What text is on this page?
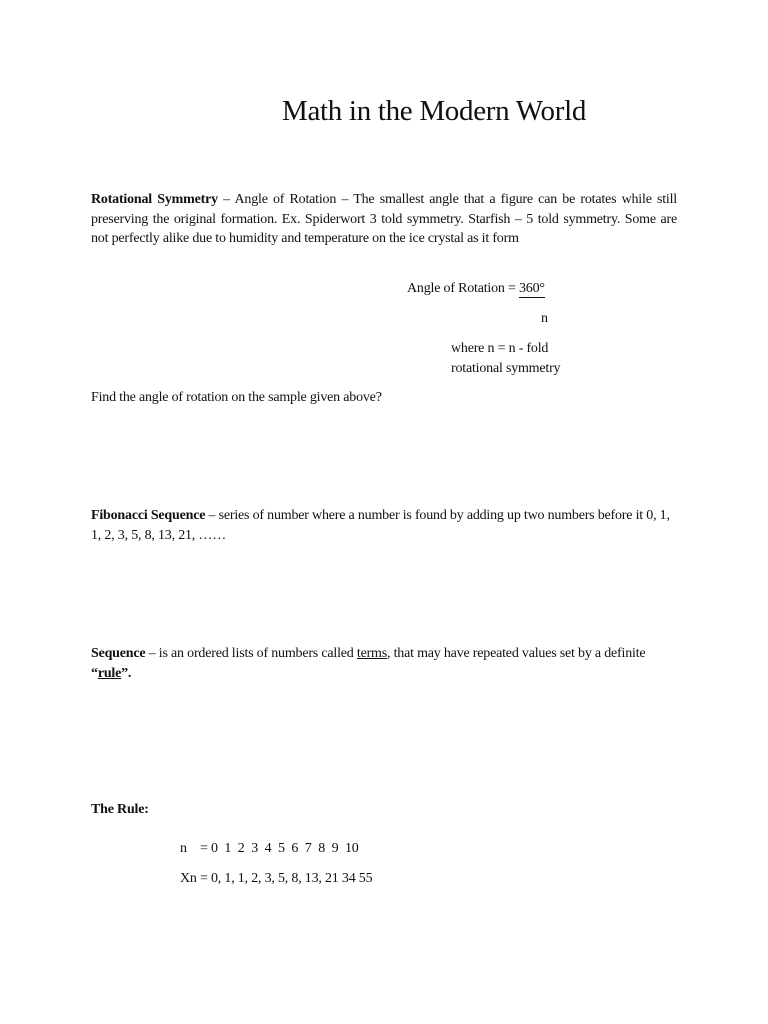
Math in the Modern World
Rotational Symmetry – Angle of Rotation – The smallest angle that a figure can be rotates while still preserving the original formation. Ex. Spiderwort 3 told symmetry. Starfish – 5 told symmetry. Some are not perfectly alike due to humidity and temperature on the ice crystal as it form
Angle of Rotation = 360°
n
where n = n - fold
rotational symmetry
Find the angle of rotation on the sample given above?
Fibonacci Sequence – series of number where a number is found by adding up two numbers before it 0, 1, 1, 2, 3, 5, 8, 13, 21, ……
Sequence – is an ordered lists of numbers called terms, that may have repeated values set by a definite “rule”.
The Rule:
n    = 0  1  2  3  4  5  6  7  8  9  10
Xn = 0, 1, 1, 2, 3, 5, 8, 13, 21 34 55
